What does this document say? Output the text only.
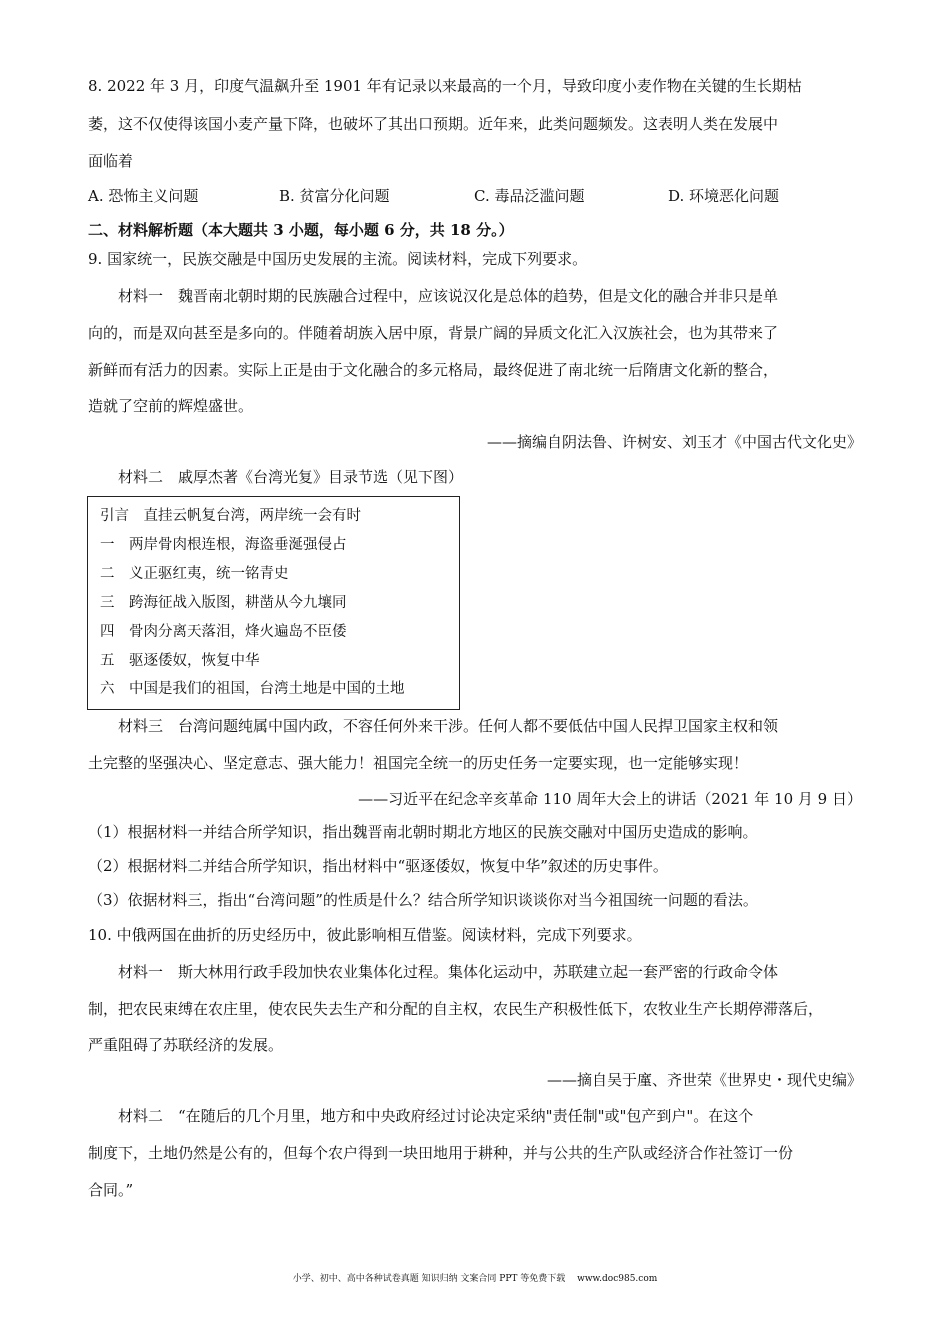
8. 2022 年 3 月，印度气温飙升至 1901 年有记录以来最高的一个月，导致印度小麦作物在关键的生长期枯
萎，这不仅使得该国小麦产量下降，也破坏了其出口预期。近年来，此类问题频发。这表明人类在发展中
面临着
A. 恐怖主义问题	B. 贫富分化问题	C. 毒品泛滥问题	D. 环境恶化问题
二、材料解析题（本大题共 3 小题，每小题 6 分，共 18 分。）
9. 国家统一，民族交融是中国历史发展的主流。阅读材料，完成下列要求。
材料一　魏晋南北朝时期的民族融合过程中，应该说汉化是总体的趋势，但是文化的融合并非只是单
向的，而是双向甚至是多向的。伴随着胡族入居中原，背景广阔的异质文化汇入汉族社会，也为其带来了
新鲜而有活力的因素。实际上正是由于文化融合的多元格局，最终促进了南北统一后隋唐文化新的整合，
造就了空前的辉煌盛世。
——摘编自阴法鲁、许树安、刘玉才《中国古代文化史》
材料二　戚厚杰著《台湾光复》目录节选（见下图）
引言　直挂云帆复台湾，两岸统一会有时
一　两岸骨肉根连根，海盗垂涎强侵占
二　义正驱红夷，统一铭青史
三　跨海征战入版图，耕凿从今九壤同
四　骨肉分离天落泪，烽火遍岛不臣倭
五　驱逐倭奴，恢复中华
六　中国是我们的祖国，台湾土地是中国的土地
材料三　台湾问题纯属中国内政，不容任何外来干涉。任何人都不要低估中国人民捍卫国家主权和领
土完整的坚强决心、坚定意志、强大能力！祖国完全统一的历史任务一定要实现，也一定能够实现！
——习近平在纪念辛亥革命 110 周年大会上的讲话（2021 年 10 月 9 日）
（1）根据材料一并结合所学知识，指出魏晋南北朝时期北方地区的民族交融对中国历史造成的影响。
（2）根据材料二并结合所学知识，指出材料中“驱逐倭奴，恢复中华”叙述的历史事件。
（3）依据材料三，指出“台湾问题”的性质是什么？结合所学知识谈谈你对当今祖国统一问题的看法。
10. 中俄两国在曲折的历史经历中，彼此影响相互借鉴。阅读材料，完成下列要求。
材料一　斯大林用行政手段加快农业集体化过程。集体化运动中，苏联建立起一套严密的行政命令体
制，把农民束缚在农庄里，使农民失去生产和分配的自主权，农民生产积极性低下，农牧业生产长期停滞落后，
严重阻碍了苏联经济的发展。
——摘自吴于廑、齐世荣《世界史・现代史编》
材料二　“在随后的几个月里，地方和中央政府经过讨论决定采纳"责任制"或"包产到户"。在这个
制度下，土地仍然是公有的，但每个农户得到一块田地用于耕种，并与公共的生产队或经济合作社签订一份
合同。”
小学、初中、高中各种试卷真题 知识归纳 文案合同 PPT 等免费下载　 www.doc985.com
